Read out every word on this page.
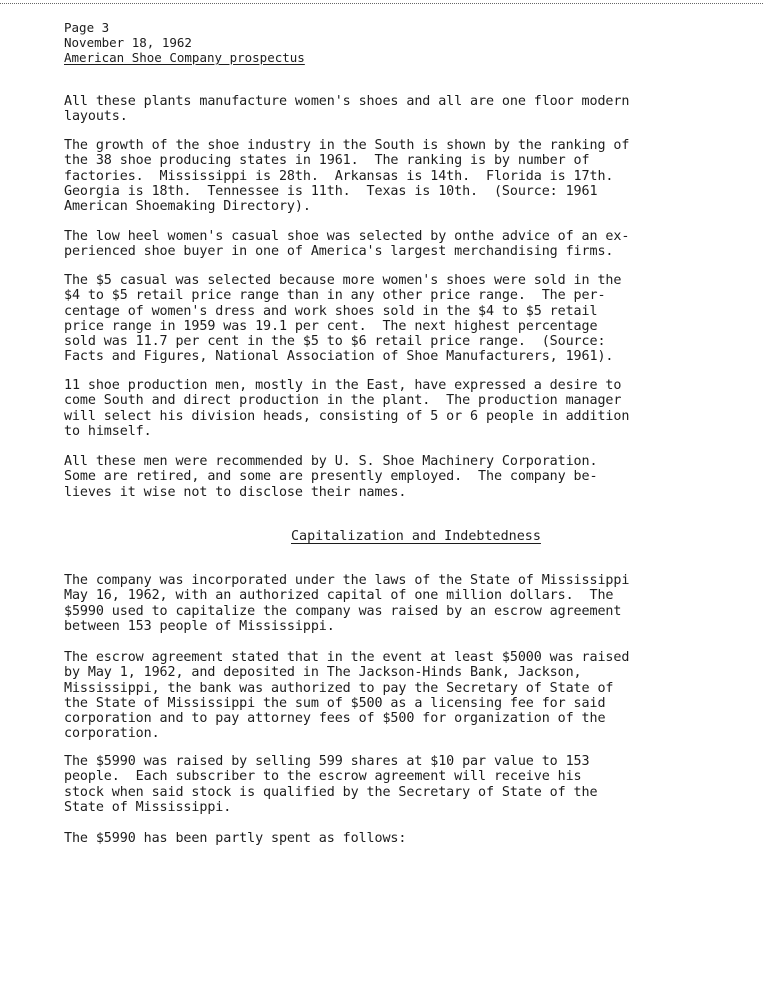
Page 3
November 18, 1962
American Shoe Company prospectus
All these plants manufacture women's shoes and all are one floor modern
layouts.
The growth of the shoe industry in the South is shown by the ranking of
the 38 shoe producing states in 1961.  The ranking is by number of
factories.  Mississippi is 28th.  Arkansas is 14th.  Florida is 17th.
Georgia is 18th.  Tennessee is 11th.  Texas is 10th.  (Source: 1961
American Shoemaking Directory).
The low heel women's casual shoe was selected by onthe advice of an ex-
perienced shoe buyer in one of America's largest merchandising firms.
The $5 casual was selected because more women's shoes were sold in the
$4 to $5 retail price range than in any other price range.  The per-
centage of women's dress and work shoes sold in the $4 to $5 retail
price range in 1959 was 19.1 per cent.  The next highest percentage
sold was 11.7 per cent in the $5 to $6 retail price range.  (Source:
Facts and Figures, National Association of Shoe Manufacturers, 1961).
11 shoe production men, mostly in the East, have expressed a desire to
come South and direct production in the plant.  The production manager
will select his division heads, consisting of 5 or 6 people in addition
to himself.
All these men were recommended by U. S. Shoe Machinery Corporation.
Some are retired, and some are presently employed.  The company be-
lieves it wise not to disclose their names.
Capitalization and Indebtedness
The company was incorporated under the laws of the State of Mississippi
May 16, 1962, with an authorized capital of one million dollars.  The
$5990 used to capitalize the company was raised by an escrow agreement
between 153 people of Mississippi.
The escrow agreement stated that in the event at least $5000 was raised
by May 1, 1962, and deposited in The Jackson-Hinds Bank, Jackson,
Mississippi, the bank was authorized to pay the Secretary of State of
the State of Mississippi the sum of $500 as a licensing fee for said
corporation and to pay attorney fees of $500 for organization of the
corporation.
The $5990 was raised by selling 599 shares at $10 par value to 153
people.  Each subscriber to the escrow agreement will receive his
stock when said stock is qualified by the Secretary of State of the
State of Mississippi.
The $5990 has been partly spent as follows:
